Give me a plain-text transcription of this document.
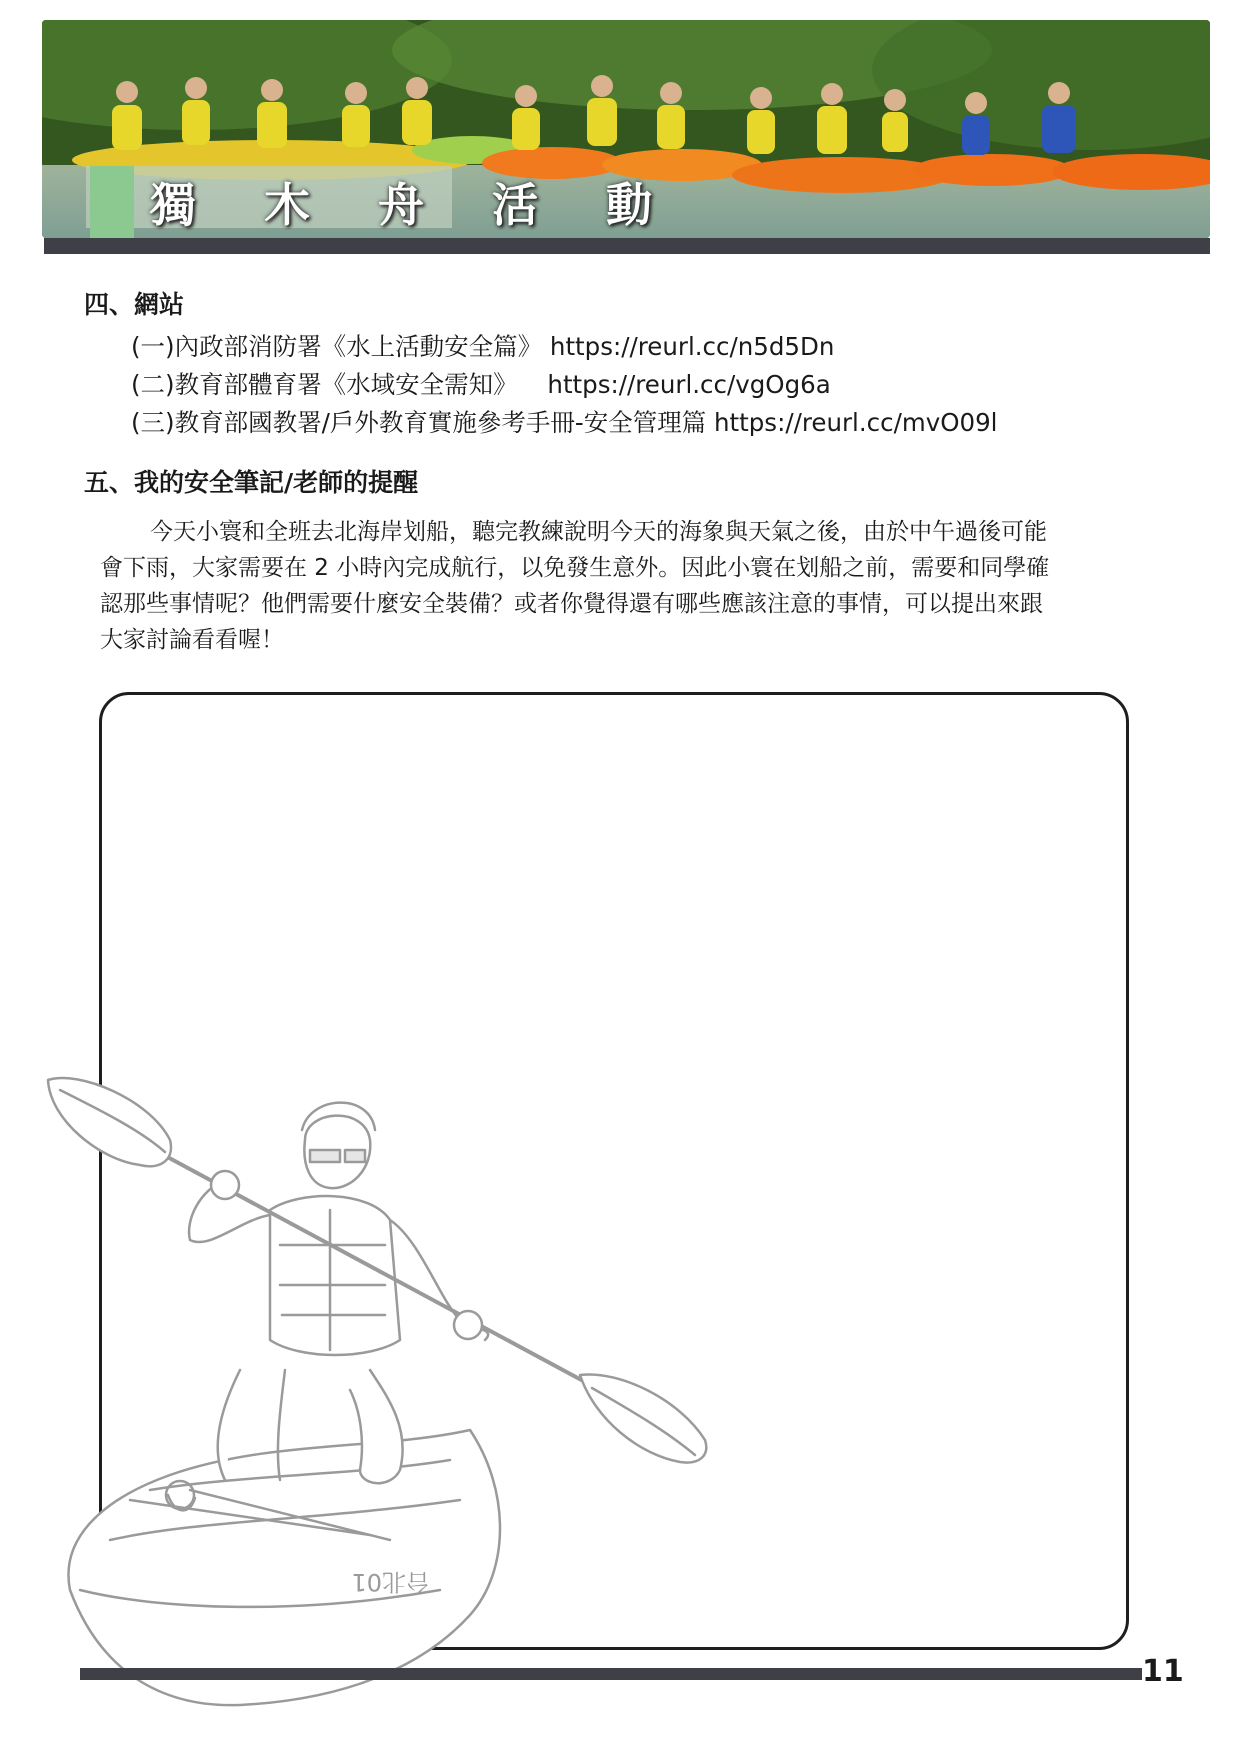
獨 木 舟 活 動
四、網站
(一)內政部消防署《水上活動安全篇》 https://reurl.cc/n5d5Dn
(二)教育部體育署《水域安全需知》 https://reurl.cc/vgOg6a
(三)教育部國教署/戶外教育實施參考手冊-安全管理篇 https://reurl.cc/mvO09l
五、我的安全筆記/老師的提醒

今天小寰和全班去北海岸划船，聽完教練說明今天的海象與天氣之後，由於中午過後可能
會下雨，大家需要在 2 小時內完成航行，以免發生意外。因此小寰在划船之前，需要和同學確
認那些事情呢？他們需要什麼安全裝備？或者你覺得還有哪些應該注意的事情，可以提出來跟
大家討論看看喔！

台北01
11
